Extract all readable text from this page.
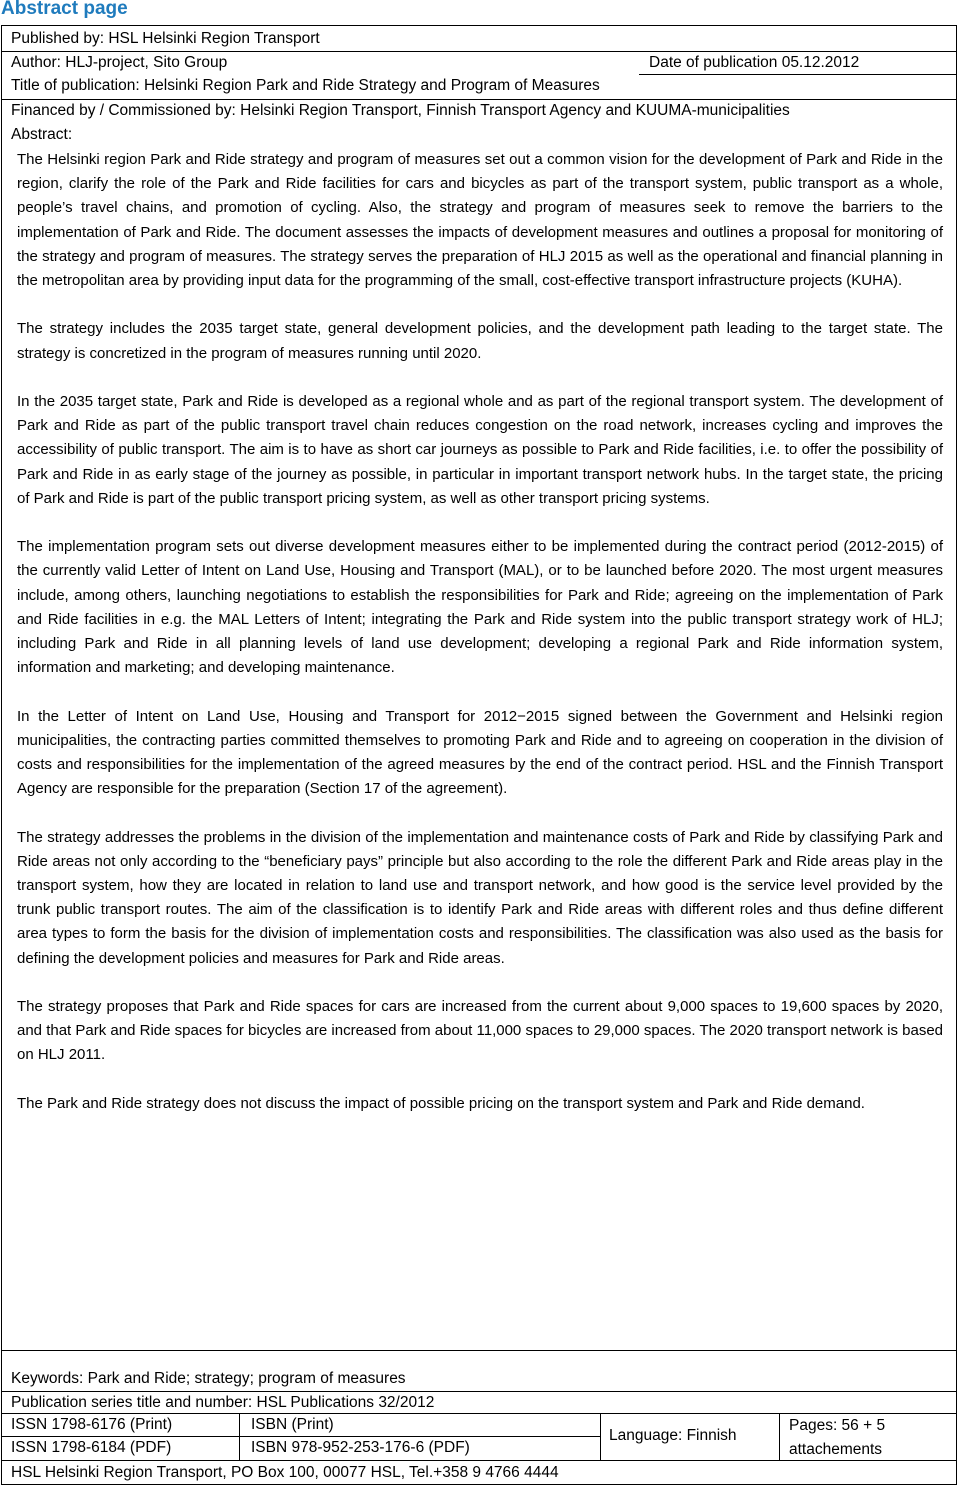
Abstract page
Published by: HSL Helsinki Region Transport
Author: HLJ-project, Sito Group	Date of publication 05.12.2012
Title of publication: Helsinki Region Park and Ride Strategy and Program of Measures
Financed by / Commissioned by: Helsinki Region Transport, Finnish Transport Agency and KUUMA-municipalities
Abstract:
Keywords: Park and Ride; strategy; program of measures
Publication series title and number: HSL Publications 32/2012
ISSN 1798-6176 (Print)	ISBN (Print)
ISSN 1798-6184 (PDF)	ISBN 978-952-253-176-6 (PDF)
Language: Finnish
Pages: 56 + 5
attachements
HSL Helsinki Region Transport, PO Box 100, 00077 HSL, Tel.+358 9 4766 4444

The Helsinki region Park and Ride strategy and program of measures set out a common vision for the development of Park and Ride in the region, clarify the role of the Park and Ride facilities for cars and bicycles as part of the transport system, public transport as a whole, people’s travel chains, and promotion of cycling. Also, the strategy and program of measures seek to remove the barriers to the implementation of Park and Ride. The document assesses the impacts of development measures and outlines a proposal for monitoring of the strategy and program of measures. The strategy serves the preparation of HLJ 2015 as well as the operational and financial planning in the metropolitan area by providing input data for the programming of the small, cost-effective transport infrastructure projects (KUHA).

The strategy includes the 2035 target state, general development policies, and the development path leading to the target state. The strategy is concretized in the program of measures running until 2020.

In the 2035 target state, Park and Ride is developed as a regional whole and as part of the regional transport system. The development of Park and Ride as part of the public transport travel chain reduces congestion on the road network, increases cycling and improves the accessibility of public transport. The aim is to have as short car journeys as possible to Park and Ride facilities, i.e. to offer the possibility of Park and Ride in as early stage of the journey as possible, in particular in important transport network hubs. In the target state, the pricing of Park and Ride is part of the public transport pricing system, as well as other transport pricing systems.

The implementation program sets out diverse development measures either to be implemented during the contract period (2012-2015) of the currently valid Letter of Intent on Land Use, Housing and Transport (MAL), or to be launched before 2020. The most urgent measures include, among others, launching negotiations to establish the responsibilities for Park and Ride; agreeing on the implementation of Park and Ride facilities in e.g. the MAL Letters of Intent; integrating the Park and Ride system into the public transport strategy work of HLJ; including Park and Ride in all planning levels of land use development; developing a regional Park and Ride information system, information and marketing; and developing maintenance.

In the Letter of Intent on Land Use, Housing and Transport for 2012−2015 signed between the Government and Helsinki region municipalities, the contracting parties committed themselves to promoting Park and Ride and to agreeing on cooperation in the division of costs and responsibilities for the implementation of the agreed measures by the end of the contract period. HSL and the Finnish Transport Agency are responsible for the preparation (Section 17 of the agreement).

The strategy addresses the problems in the division of the implementation and maintenance costs of Park and Ride by classifying Park and Ride areas not only according to the “beneficiary pays” principle but also according to the role the different Park and Ride areas play in the transport system, how they are located in relation to land use and transport network, and how good is the service level provided by the trunk public transport routes. The aim of the classification is to identify Park and Ride areas with different roles and thus define different area types to form the basis for the division of implementation costs and responsibilities. The classification was also used as the basis for defining the development policies and measures for Park and Ride areas.

The strategy proposes that Park and Ride spaces for cars are increased from the current about 9,000 spaces to 19,600 spaces by 2020, and that Park and Ride spaces for bicycles are increased from about 11,000 spaces to 29,000 spaces. The 2020 transport network is based on HLJ 2011.

The Park and Ride strategy does not discuss the impact of possible pricing on the transport system and Park and Ride demand.
